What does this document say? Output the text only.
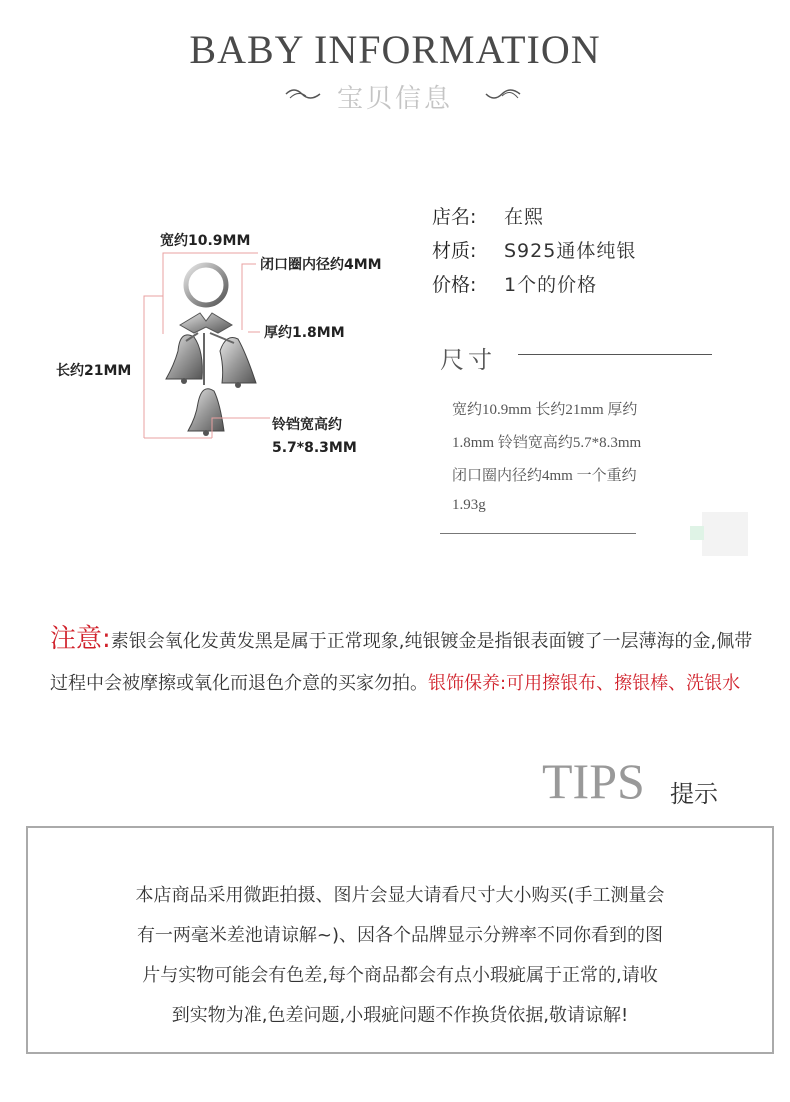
BABY INFORMATION
宝贝信息
宽约10.9MM
闭口圈内径约4MM
厚约1.8MM
长约21MM
铃铛宽高约
5.7*8.3MM
店名:	在熙
材质:	S925通体纯银
价格:	1个的价格
尺寸
宽约10.9mm 长约21mm 厚约
1.8mm 铃铛宽高约5.7*8.3mm
闭口圈内径约4mm 一个重约
1.93g
注意:素银会氧化发黄发黑是属于正常现象,纯银镀金是指银表面镀了一层薄海的金,佩带过程中会被摩擦或氧化而退色介意的买家勿拍。银饰保养:可用擦银布、擦银棒、洗银水
TIPS 提示
本店商品采用微距拍摄、图片会显大请看尺寸大小购买(手工测量会
有一两毫米差池请谅解~)、因各个品牌显示分辨率不同你看到的图
片与实物可能会有色差,每个商品都会有点小瑕疵属于正常的,请收
到实物为准,色差问题,小瑕疵问题不作换货依据,敬请谅解!
